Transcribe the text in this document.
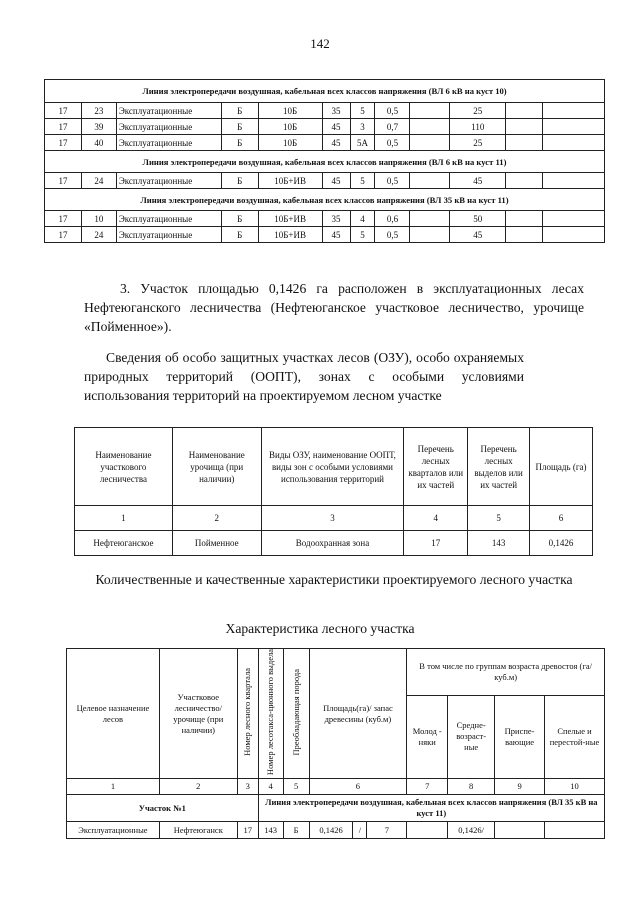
142
Линия электропередачи воздушная, кабельная всех классов напряжения (ВЛ 6 кВ на куст 10)											
17	23	Эксплуатационные	Б	10Б	35	5	0,5		25		
17	39	Эксплуатационные	Б	10Б	45	3	0,7		110		
17	40	Эксплуатационные	Б	10Б	45	5А	0,5		25		
Линия электропередачи воздушная, кабельная всех классов напряжения (ВЛ 6 кВ на куст 11)											
17	24	Эксплуатационные	Б	10Б+ИВ	45	5	0,5		45		
Линия электропередачи воздушная, кабельная всех классов напряжения (ВЛ 35 кВ на куст 11)											
17	10	Эксплуатационные	Б	10Б+ИВ	35	4	0,6		50		
17	24	Эксплуатационные	Б	10Б+ИВ	45	5	0,5		45		
3. Участок площадью 0,1426 га расположен в эксплуатационных лесах Нефтеюганского лесничества (Нефтеюганское участковое лесничество, урочище «Пойменное»).
Сведения об особо защитных участках лесов (ОЗУ), особо охраняемых природных территорий (ООПТ), зонах с особыми условиями использования территорий на проектируемом лесном участке
Наименование участкового лесничества	Наименование урочища (при наличии)	Виды ОЗУ, наименование ООПТ, виды зон с особыми условиями использования территорий	Перечень лесных кварталов или их частей	Перечень лесных выделов или их частей	Площадь (га)
1	2	3	4	5	6
Нефтеюганское	Пойменное	Водоохранная зона	17	143	0,1426
Количественные и качественные характеристики проектируемого лесного участка
Характеристика лесного участка
Целевое назначение лесов	Участковое лесничество/ урочище (при наличии)	Номер лесного квартала	Номер лесотакса-ционного выдела	Преобладающая порода	Площадь(га)/ запас древесины (куб.м)			В том числе по группам возраста древостоя (га/куб.м)			
								Молод - няки	Средне-возраст-ные	Приспе-вающие	Спелые и перестой-ные
1	2	3	4	5	6			7	8	9	10
Участок №1			Линия электропередачи воздушная, кабельная всех классов напряжения (ВЛ 35 кВ на куст 11)								
Эксплуатационные	Нефтеюганск	17	143	Б	0,1426	/	7		0,1426/		
